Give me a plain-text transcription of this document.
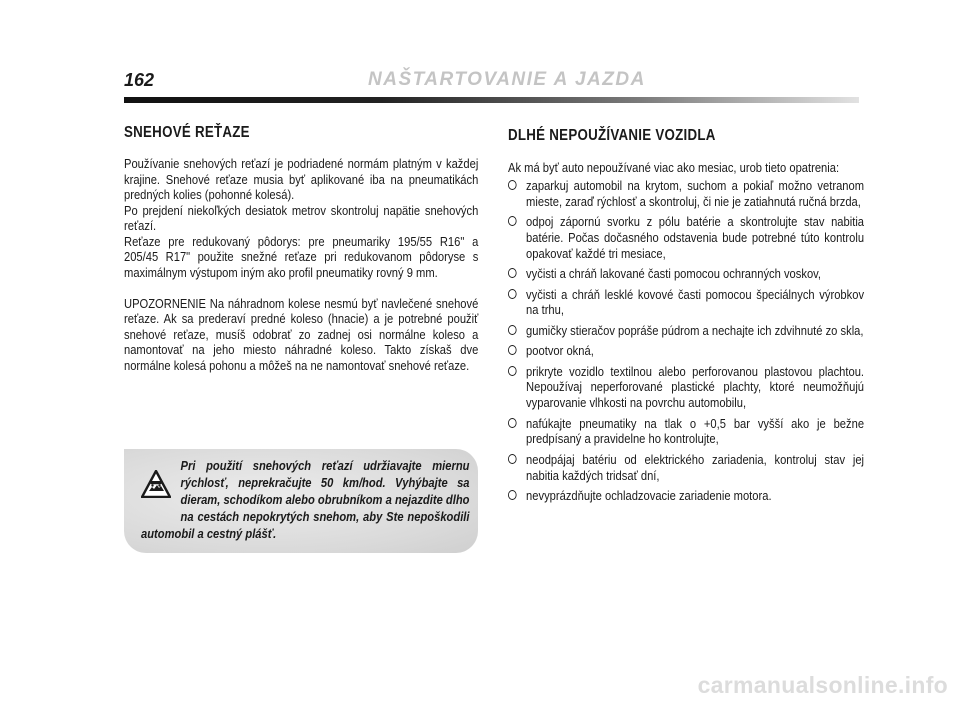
162	NAŠTARTOVANIE A JAZDA
SNEHOVÉ REŤAZE

Používanie snehových reťazí je podriadené normám platným v každej krajine. Snehové reťaze musia byť aplikované iba na pneumatikách predných kolies (pohonné kolesá).

Po prejdení niekoľkých desiatok metrov skontroluj napätie snehových reťazí.

Reťaze pre redukovaný pôdorys: pre pneumariky 195/55 R16" a 205/45 R17" použite snežné reťaze pri redukovanom pôdoryse s maximálnym výstupom iným ako profil pneumatiky rovný 9 mm.

UPOZORNENIE Na náhradnom kolese nesmú byť navlečené snehové reťaze. Ak sa prederaví predné koleso (hnacie) a je potrebné použiť snehové reťaze, musíš odobrať zo zadnej osi normálne koleso a namontovať na jeho miesto náhradné koleso. Takto získaš dve normálne kolesá pohonu a môžeš na ne namontovať snehové reťaze.

Pri použití snehových reťazí udržiavajte miernu rýchlosť, neprekračujte 50 km/hod. Vyhýbajte sa dieram, schodíkom alebo obrubníkom a nejazdite dlho na cestách nepokrytých snehom, aby Ste nepoškodili automobil a cestný plášť.
DLHÉ NEPOUŽÍVANIE VOZIDLA

Ak má byť auto nepoužívané viac ako mesiac, urob tieto opatrenia:

zaparkuj automobil na krytom, suchom a pokiaľ možno vetranom mieste, zaraď rýchlosť a skontroluj, či nie je zatiahnutá ručná brzda,
odpoj zápornú svorku z pólu batérie a skontrolujte stav nabitia batérie. Počas dočasného odstavenia bude potrebné túto kontrolu opakovať každé tri mesiace,
vyčisti a chráň lakované časti pomocou ochranných voskov,
vyčisti a chráň lesklé kovové časti pomocou špeciálnych výrobkov na trhu,
gumičky stieračov popráše púdrom a nechajte ich zdvihnuté zo skla,
pootvor okná,
prikryte vozidlo textilnou alebo perforovanou plastovou plachtou. Nepoužívaj neperforované plastické plachty, ktoré neumožňujú vyparovanie vlhkosti na povrchu automobilu,
nafúkajte pneumatiky na tlak o +0,5 bar vyšší ako je bežne predpísaný a pravidelne ho kontrolujte,
neodpájaj batériu od elektrického zariadenia, kontroluj stav jej nabitia každých tridsať dní,
nevyprázdňujte ochladzovacie zariadenie motora.
carmanualsonline.info
